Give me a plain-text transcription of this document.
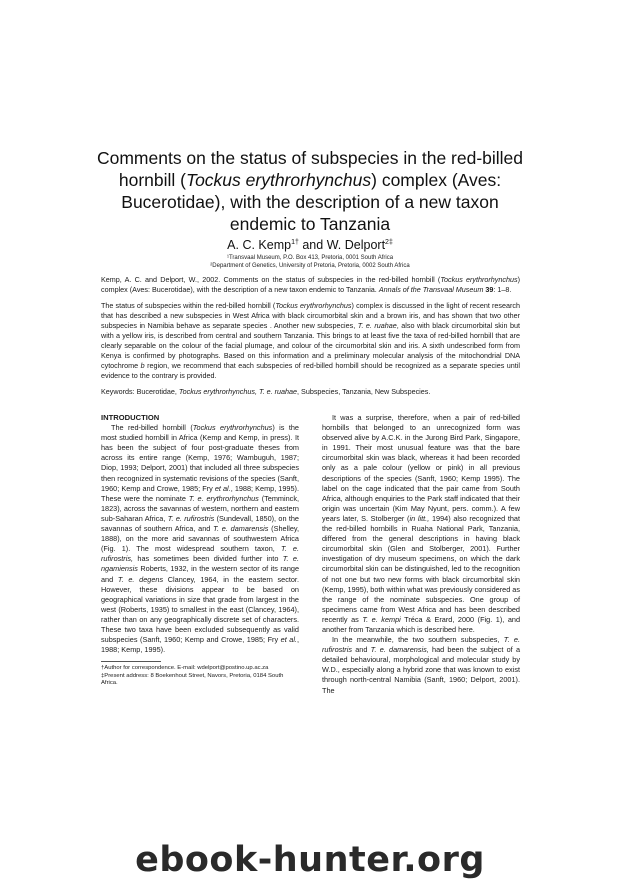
Comments on the status of subspecies in the red-billed hornbill (Tockus erythrorhynchus) complex (Aves: Bucerotidae), with the description of a new taxon endemic to Tanzania
A. C. Kemp$^{1\dagger}$ and W. Delport$^{2\ddagger}$
¹Transvaal Museum, P.O. Box 413, Pretoria, 0001 South Africa
²Department of Genetics, University of Pretoria, Pretoria, 0002 South Africa

Kemp, A. C. and Delport, W., 2002. Comments on the status of subspecies in the red-billed hornbill (Tockus erythrorhynchus) complex (Aves: Bucerotidae), with the description of a new taxon endemic to Tanzania. Annals of the Transvaal Museum 39: 1–8.

The status of subspecies within the red-billed hornbill (Tockus erythrorhynchus) complex is discussed in the light of recent research that has described a new subspecies in West Africa with black circumorbital skin and a brown iris, and has shown that two other subspecies in Namibia behave as separate species . Another new subspecies, T. e. ruahae, also with black circumorbital skin but with a yellow iris, is described from central and southern Tanzania. This brings to at least five the taxa of red-billed hornbill that are clearly separable on the colour of the facial plumage, and colour of the circumorbital skin and iris. A sixth undescribed form from Kenya is confirmed by photographs. Based on this information and a preliminary molecular analysis of the mitochondrial DNA cytochrome b region, we recommend that each subspecies of red-billed hornbill should be recognized as a separate species until evidence to the contrary is provided.

Keywords: Bucerotidae, Tockus erythrorhynchus, T. e. ruahae, Subspecies, Tanzania, New Subspecies.

INTRODUCTION

The red-billed hornbill (Tockus erythrorhynchus) is the most studied hornbill in Africa (Kemp and Kemp, in press). It has been the subject of four post-graduate theses from across its entire range (Kemp, 1976; Wambuguh, 1987; Diop, 1993; Delport, 2001) that included all three subspecies then recognized in systematic revisions of the species (Sanft, 1960; Kemp and Crowe, 1985; Fry et al., 1988; Kemp, 1995). These were the nominate T. e. erythrorhynchus (Temminck, 1823), across the savannas of western, northern and eastern sub-Saharan Africa, T. e. rufirostris (Sundevall, 1850), on the savannas of southern Africa, and T. e. damarensis (Shelley, 1888), on the more arid savannas of southwestern Africa (Fig. 1). The most widespread southern taxon, T. e. rufirostris, has sometimes been divided further into T. e. ngamiensis Roberts, 1932, in the western sector of its range and T. e. degens Clancey, 1964, in the eastern sector. However, these divisions appear to be based on geographical variations in size that grade from largest in the west (Roberts, 1935) to smallest in the east (Clancey, 1964), rather than on any geographically discrete set of characters. These two taxa have been excluded subsequently as valid subspecies (Sanft, 1960; Kemp and Crowe, 1985; Fry et al., 1988; Kemp, 1995).

†Author for correspondence. E-mail: wdelport@postino.up.ac.za

‡Present address: 8 Boekenhout Street, Navors, Pretoria, 0184 South Africa.

It was a surprise, therefore, when a pair of red-billed hornbills that belonged to an unrecognized form was observed alive by A.C.K. in the Jurong Bird Park, Singapore, in 1991. Their most unusual feature was that the bare circumorbital skin was black, whereas it had been recorded only as a pale colour (yellow or pink) in all previous descriptions of the species (Sanft, 1960; Kemp 1995). The label on the cage indicated that the pair came from South Africa, although enquiries to the Park staff indicated that their origin was uncertain (Kim May Nyunt, pers. comm.). A few years later, S. Stolberger (in litt., 1994) also recognized that the red-billed hornbills in Ruaha National Park, Tanzania, differed from the general descriptions in having black circumorbital skin (Glen and Stolberger, 2001). Further investigation of dry museum specimens, on which the dark circumorbital skin can be distinguished, led to the recognition of not one but two new forms with black circumorbital skin (Kemp, 1995), both within what was previously considered as the range of the nominate subspecies. One group of specimens came from West Africa and has been described recently as T. e. kempi Tréca & Erard, 2000 (Fig. 1), and another from Tanzania which is described here.

In the meanwhile, the two southern subspecies, T. e. rufirostris and T. e. damarensis, had been the subject of a detailed behavioural, morphological and molecular study by W.D., especially along a hybrid zone that was known to exist through north-central Namibia (Sanft, 1960; Delport, 2001). The

ebook-hunter.org
